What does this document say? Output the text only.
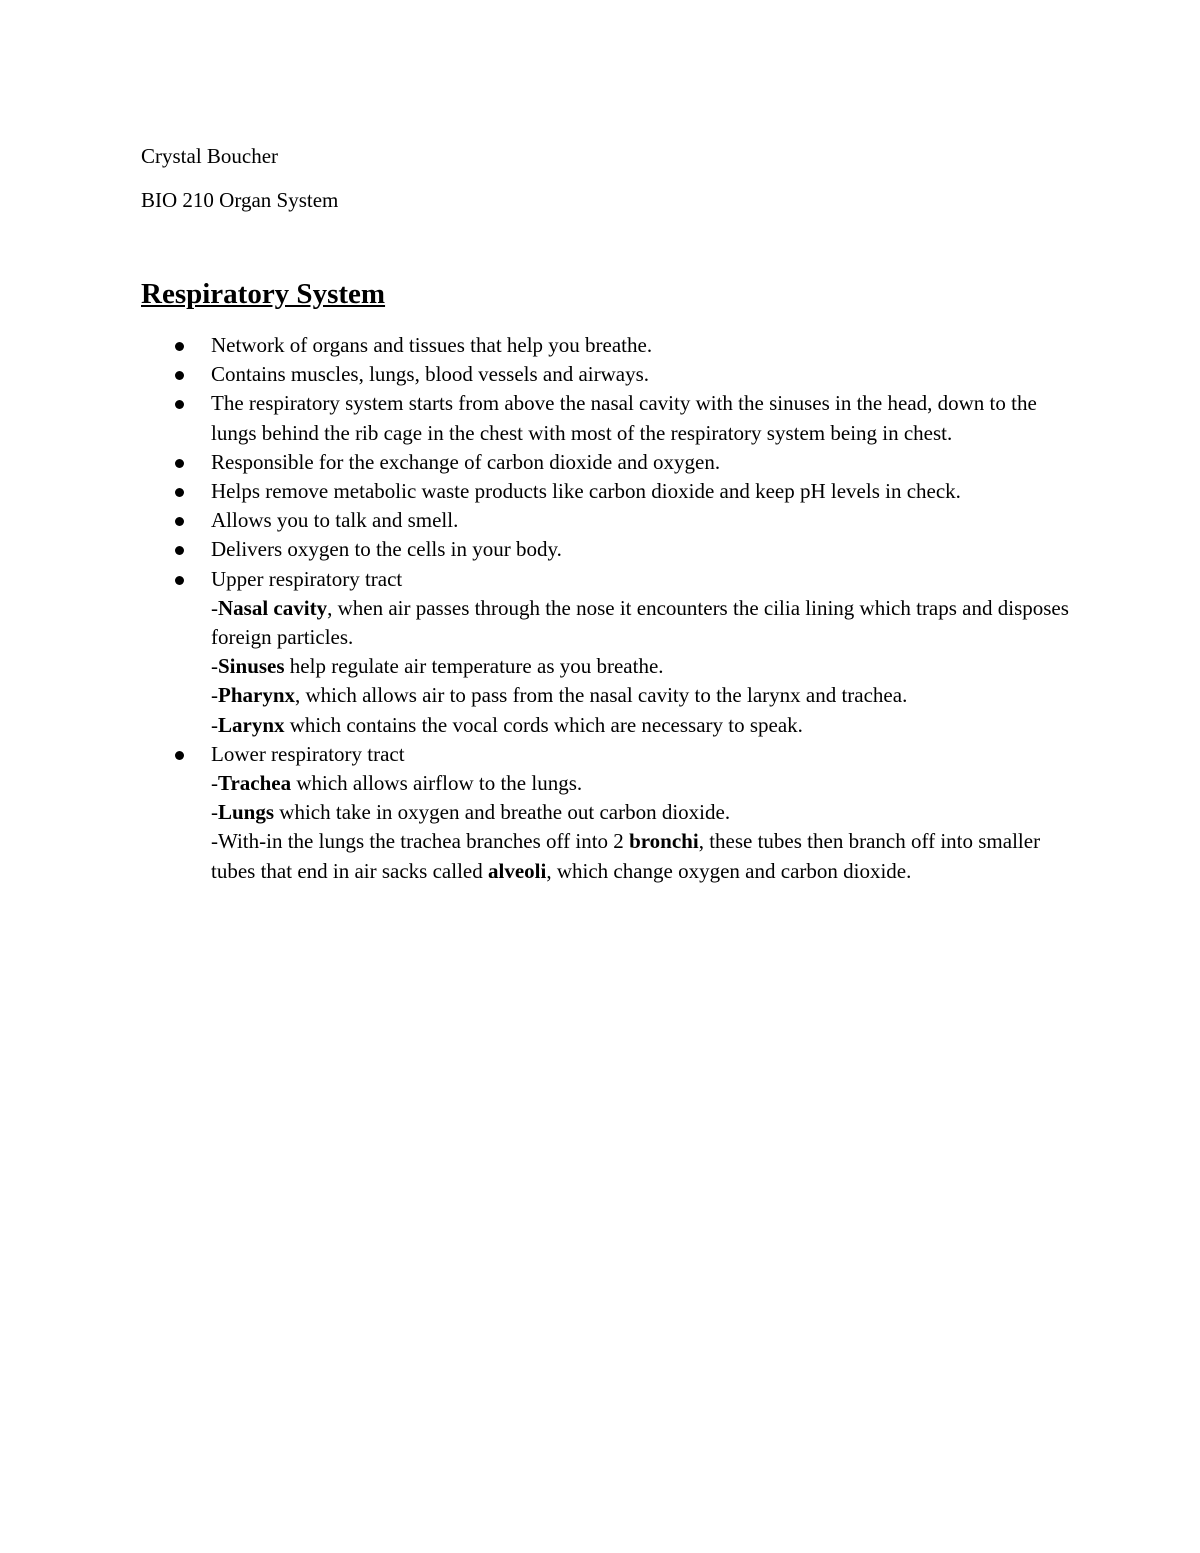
Crystal Boucher

BIO 210 Organ System

Respiratory System
Network of organs and tissues that help you breathe.
Contains muscles, lungs, blood vessels and airways.
The respiratory system starts from above the nasal cavity with the sinuses in the head, down to the lungs behind the rib cage in the chest with most of the respiratory system being in chest.
Responsible for the exchange of carbon dioxide and oxygen.
Helps remove metabolic waste products like carbon dioxide and keep pH levels in check.
Allows you to talk and smell.
Delivers oxygen to the cells in your body.
Upper respiratory tract
-Nasal cavity, when air passes through the nose it encounters the cilia lining which traps and disposes foreign particles.
-Sinuses help regulate air temperature as you breathe.
-Pharynx, which allows air to pass from the nasal cavity to the larynx and trachea.
-Larynx which contains the vocal cords which are necessary to speak.
Lower respiratory tract
-Trachea which allows airflow to the lungs.
-Lungs which take in oxygen and breathe out carbon dioxide.
-With-in the lungs the trachea branches off into 2 bronchi, these tubes then branch off into smaller tubes that end in air sacks called alveoli, which change oxygen and carbon dioxide.
